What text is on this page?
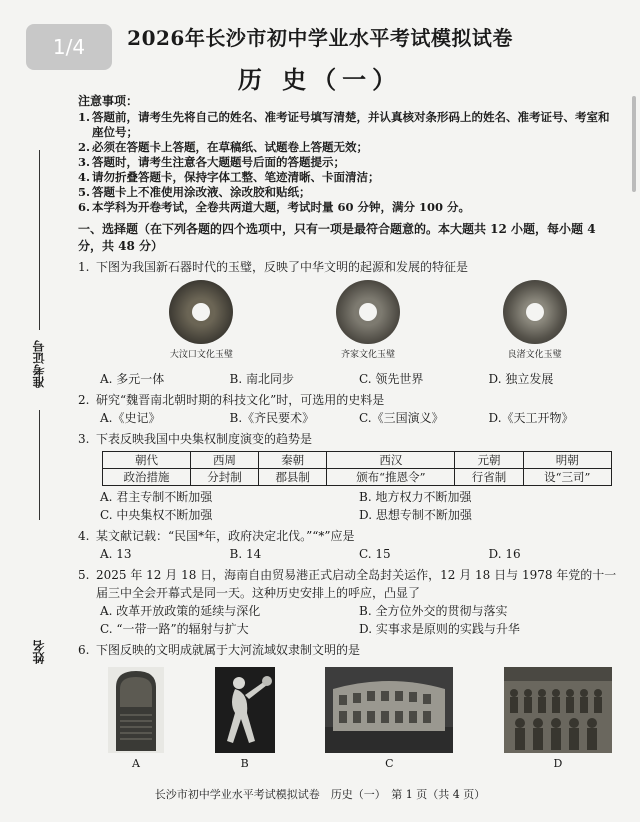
1/4	2026年长沙市初中学业水平考试模拟试卷
历 史（一）
准考证号
姓名
注意事项：
1. 答题前，请考生先将自己的姓名、准考证号填写清楚，并认真核对条形码上的姓名、准考证号、考室和座位号；
2. 必须在答题卡上答题，在草稿纸、试题卷上答题无效；
3. 答题时，请考生注意各大题题号后面的答题提示；
4. 请勿折叠答题卡，保持字体工整、笔迹清晰、卡面清洁；
5. 答题卡上不准使用涂改液、涂改胶和贴纸；
6. 本学科为开卷考试，全卷共两道大题，考试时量 60 分钟，满分 100 分。
一、选择题（在下列各题的四个选项中，只有一项是最符合题意的。本大题共 12 小题，每小题 4 分，共 48 分）
1. 下图为我国新石器时代的玉璧，反映了中华文明的起源和发展的特征是
大汶口文化玉璧	齐家文化玉璧	良渚文化玉璧
A. 多元一体	B. 南北同步	C. 领先世界	D. 独立发展
2. 研究“魏晋南北朝时期的科技文化”时，可选用的史料是
A.《史记》	B.《齐民要术》	C.《三国演义》	D.《天工开物》
3. 下表反映我国中央集权制度演变的趋势是
朝代	西周	秦朝	西汉	元朝	明朝
政治措施	分封制	郡县制	颁布“推恩令”	行省制	设“三司”
A. 君主专制不断加强	B. 地方权力不断加强
C. 中央集权不断加强	D. 思想专制不断加强
4. 某文献记载：“民国*年，政府决定北伐。”“*”应是
A. 13	B. 14	C. 15	D. 16
5. 2025 年 12 月 18 日，海南自由贸易港正式启动全岛封关运作，12 月 18 日与 1978 年党的十一届三中全会开幕式是同一天。这种历史安排上的呼应，凸显了
A. 改革开放政策的延续与深化	B. 全方位外交的贯彻与落实
C. “一带一路”的辐射与扩大	D. 实事求是原则的实践与升华
6. 下图反映的文明成就属于大河流域奴隶制文明的是
A	B	C	D
长沙市初中学业水平考试模拟试卷　历史（一）　第 1 页（共 4 页）
